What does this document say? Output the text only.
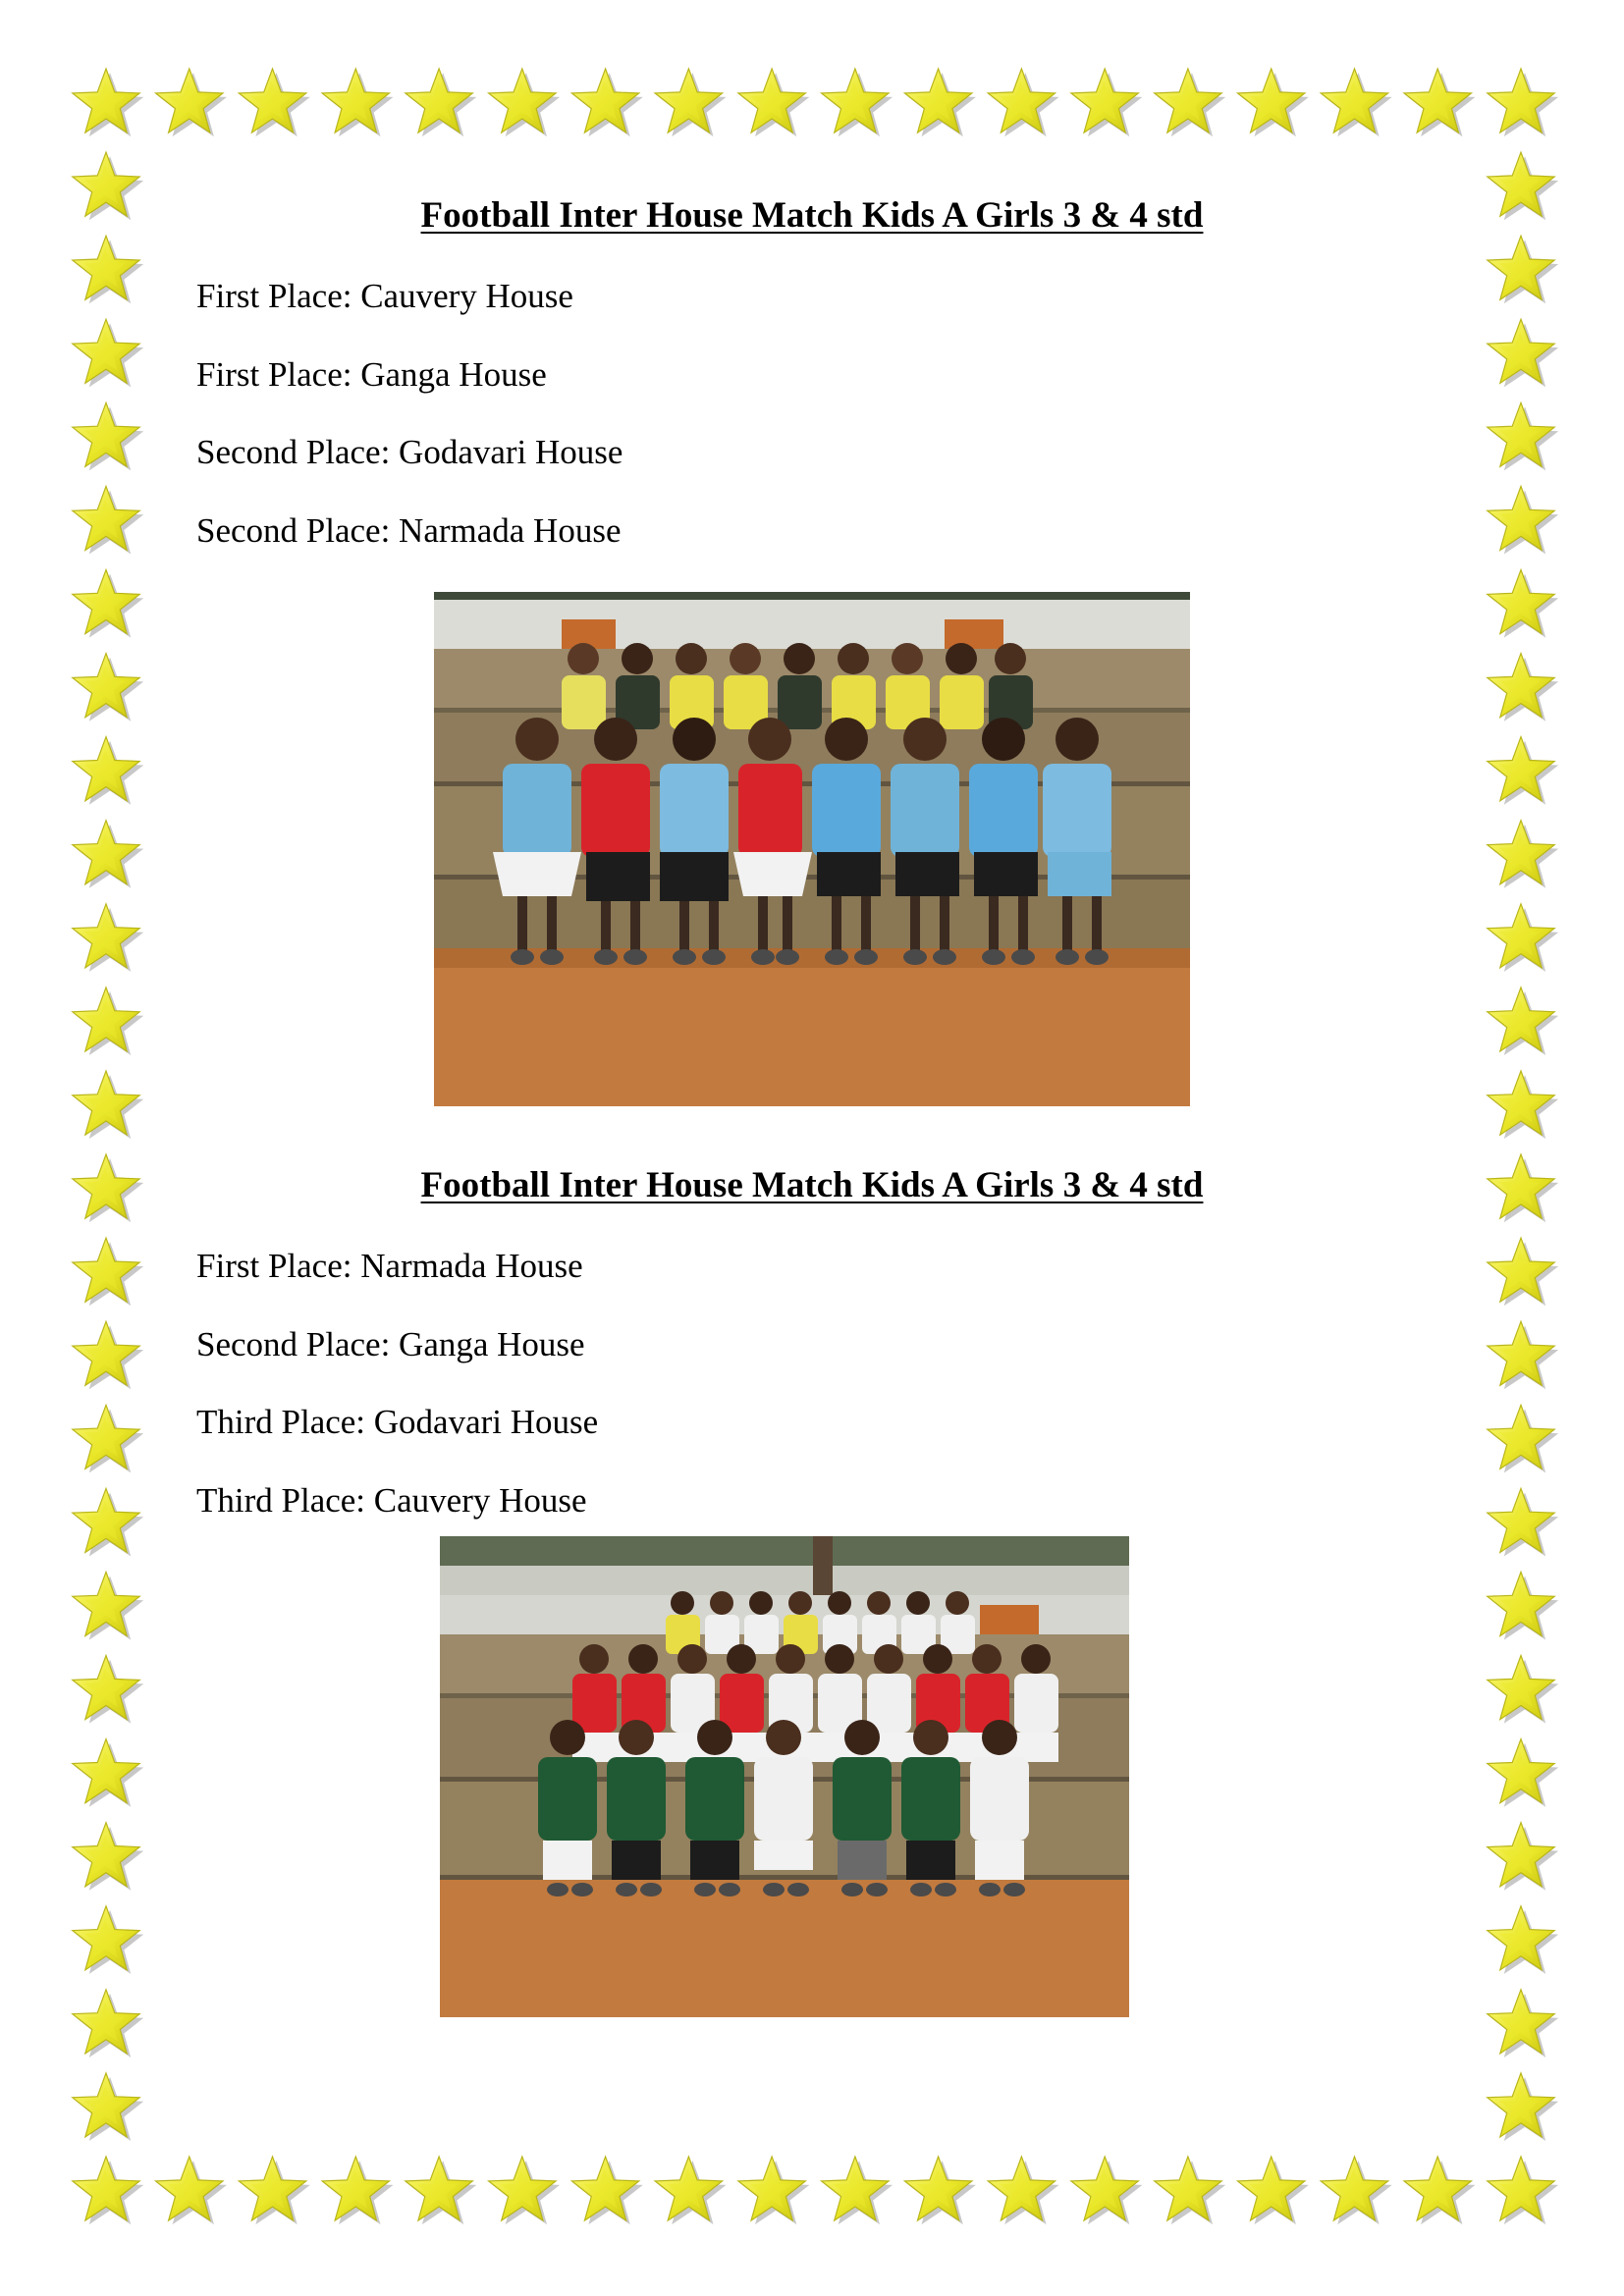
Football Inter House Match Kids A Girls 3 & 4 std
First Place: Cauvery House
First Place: Ganga House
Second Place: Godavari House
Second Place: Narmada House
Football Inter House Match Kids A Girls 3 & 4 std
First Place: Narmada House
Second Place: Ganga House
Third Place: Godavari House
Third Place: Cauvery House
